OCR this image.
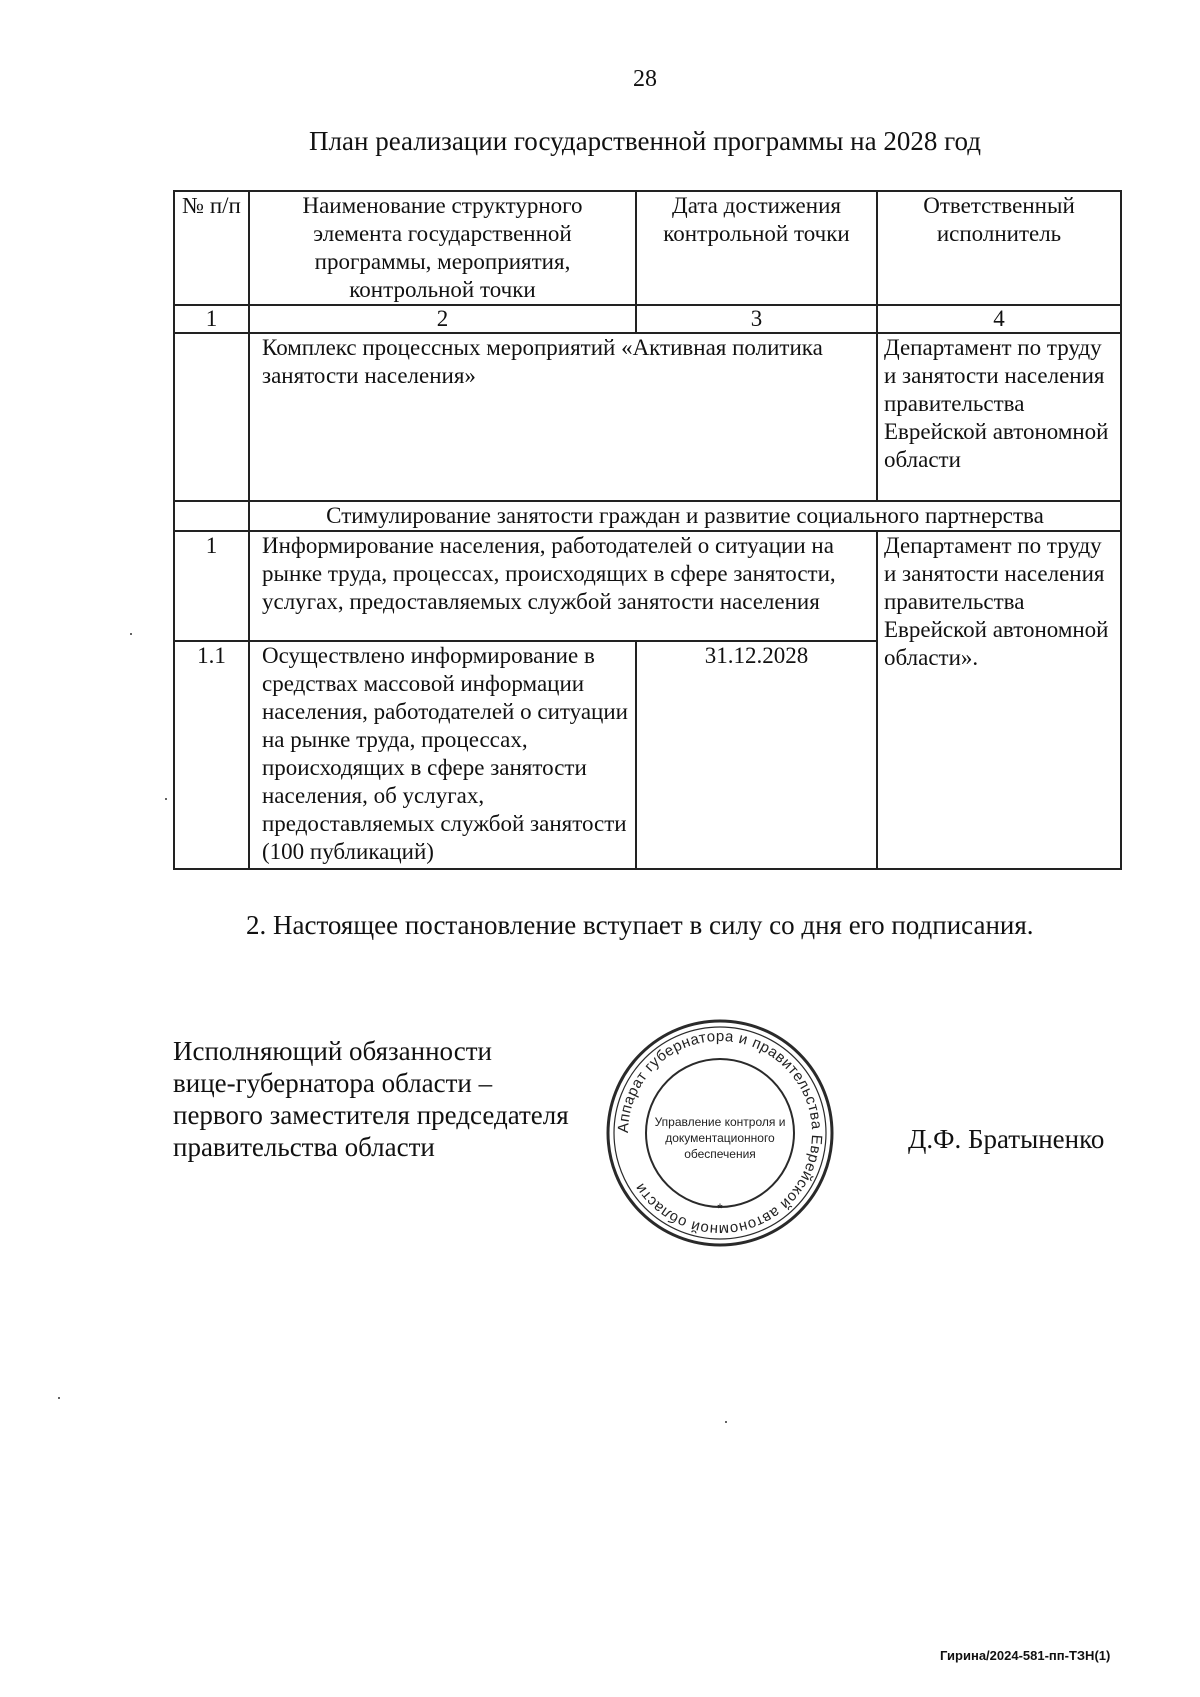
28
План реализации государственной программы на 2028 год
№ п/п	Наименование структурного элемента государственной программы, мероприятия, контрольной точки	Дата достижения контрольной точки	Ответственный исполнитель
1	2	3	4
	Комплекс процессных мероприятий «Активная политика занятости населения»		Департамент по труду и занятости населения правительства Еврейской автономной области
	Стимулирование занятости граждан и развитие социального партнерства		
1	Информирование населения, работодателей о ситуации на рынке труда, процессах, происходящих в сфере занятости, услугах, предоставляемых службой занятости населения		Департамент по труду и занятости населения правительства Еврейской автономной области».
1.1	Осуществлено информирование в средствах массовой информации населения, работодателей о ситуации на рынке труда, процессах, происходящих в сфере занятости населения, об услугах, предоставляемых службой занятости (100 публикаций)	31.12.2028	
2. Настоящее постановление вступает в силу со дня его подписания.
Исполняющий обязанности
вице-губернатора области –
первого заместителя председателя
правительства области
Аппарат губернатора и правительства Еврейской автономной области
*
Управление контроля и
документационного
обеспечения	Д.Ф. Братыненко
Гирина/2024-581-пп-ТЗН(1)
